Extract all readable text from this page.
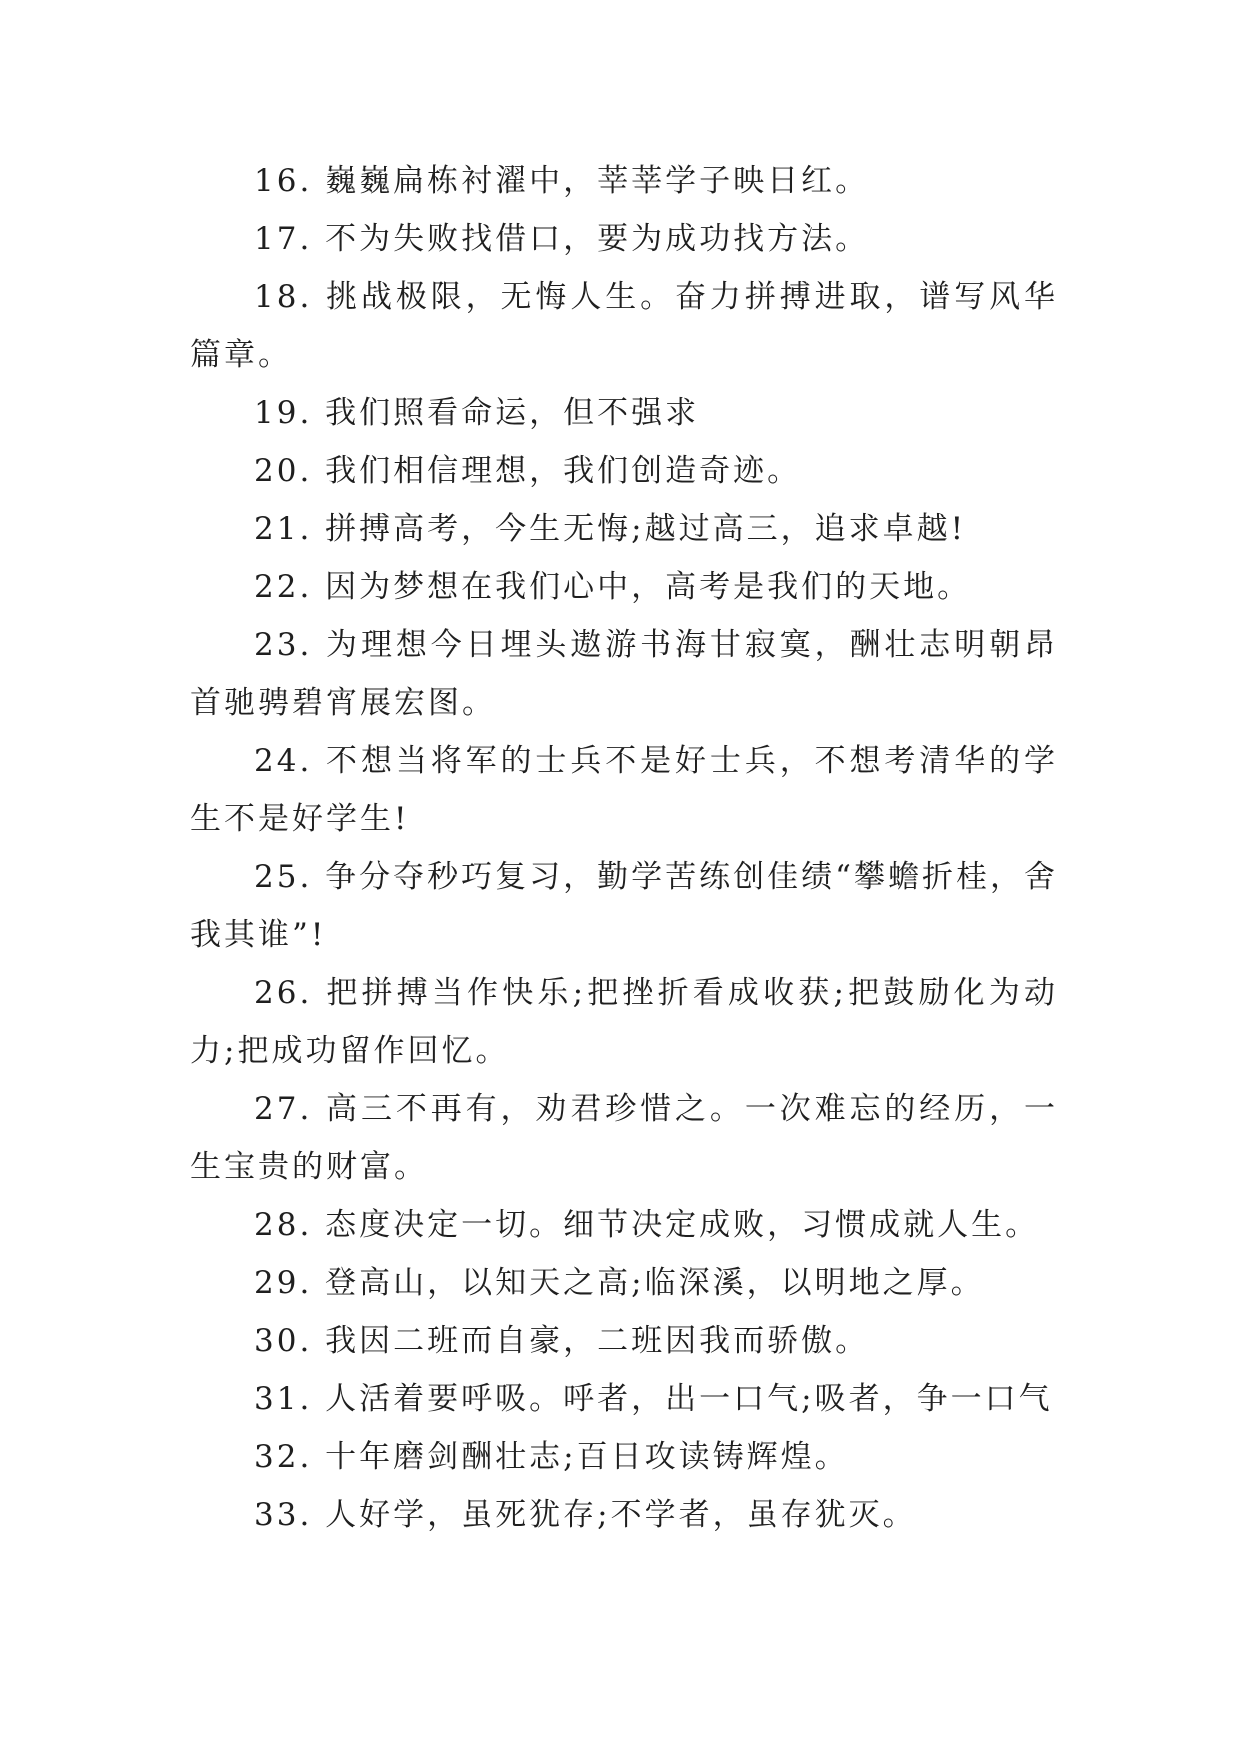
16. 巍巍扁栋衬濯中，莘莘学子映日红。

17. 不为失败找借口，要为成功找方法。

18. 挑战极限，无悔人生。奋力拼搏进取，谱写风华篇章。

19. 我们照看命运，但不强求

20. 我们相信理想，我们创造奇迹。

21. 拼搏高考，今生无悔;越过高三，追求卓越!

22. 因为梦想在我们心中，高考是我们的天地。

23. 为理想今日埋头遨游书海甘寂寞，酬壮志明朝昂首驰骋碧宵展宏图。

24. 不想当将军的士兵不是好士兵，不想考清华的学生不是好学生!

25. 争分夺秒巧复习，勤学苦练创佳绩“攀蟾折桂，舍我其谁”!

26. 把拼搏当作快乐;把挫折看成收获;把鼓励化为动力;把成功留作回忆。

27. 高三不再有，劝君珍惜之。一次难忘的经历，一生宝贵的财富。

28. 态度决定一切。细节决定成败，习惯成就人生。

29. 登高山，以知天之高;临深溪，以明地之厚。

30. 我因二班而自豪，二班因我而骄傲。

31. 人活着要呼吸。呼者，出一口气;吸者，争一口气

32. 十年磨剑酬壮志;百日攻读铸辉煌。

33. 人好学，虽死犹存;不学者，虽存犹灭。
